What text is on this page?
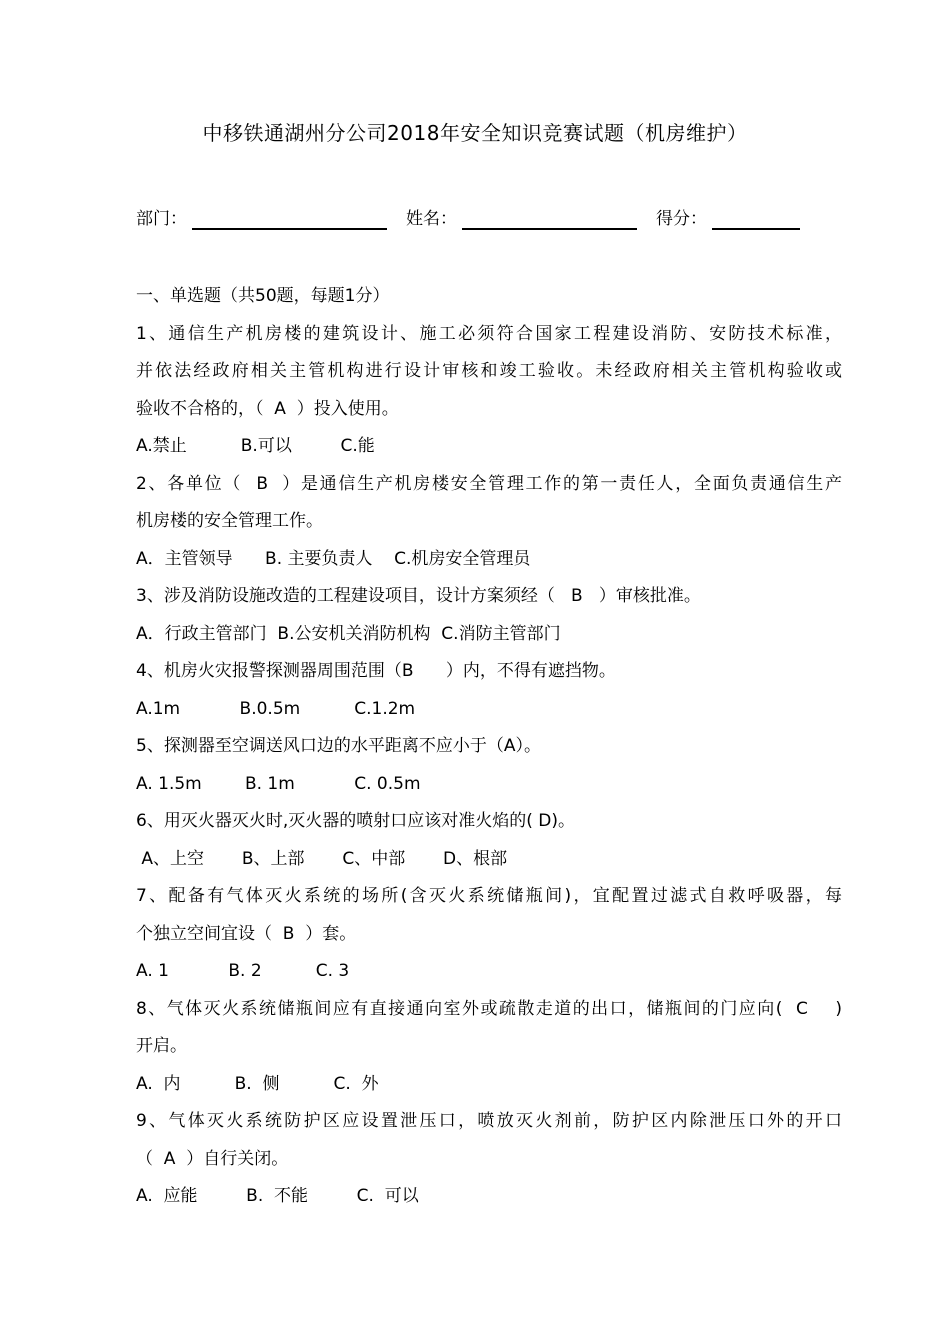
中移铁通湖州分公司2018年安全知识竞赛试题（机房维护）
部门：	姓名：	得分：
一、单选题（共50题，每题1分）
1、通信生产机房楼的建筑设计、施工必须符合国家工程建设消防、安防技术标准，
并依法经政府相关主管机构进行设计审核和竣工验收。未经政府相关主管机构验收或
验收不合格的，（  A  ）投入使用。
A.禁止          B.可以         C.能
2、各单位（  B  ）是通信生产机房楼安全管理工作的第一责任人，全面负责通信生产
机房楼的安全管理工作。
A．主管领导      B. 主要负责人    C.机房安全管理员
3、涉及消防设施改造的工程建设项目，设计方案须经（   B   ）审核批准。
A．行政主管部门  B.公安机关消防机构  C.消防主管部门
4、机房火灾报警探测器周围范围（B      ）内，不得有遮挡物。
A.1m           B.0.5m          C.1.2m
5、探测器至空调送风口边的水平距离不应小于（A）。
A. 1.5m        B. 1m           C. 0.5m
6、用灭火器灭火时,灭火器的喷射口应该对准火焰的( D)。
A、上空       B、上部       C、中部       D、根部
7、配备有气体灭火系统的场所(含灭火系统储瓶间)，宜配置过滤式自救呼吸器，每
个独立空间宜设（  B  ）套。
A. 1           B. 2          C. 3
8、气体灭火系统储瓶间应有直接通向室外或疏散走道的出口，储瓶间的门应向(  C    )
开启。
A.  内          B.  侧          C.  外
9、气体灭火系统防护区应设置泄压口，喷放灭火剂前，防护区内除泄压口外的开口
（  A  ）自行关闭。
A.  应能         B.  不能         C.  可以
